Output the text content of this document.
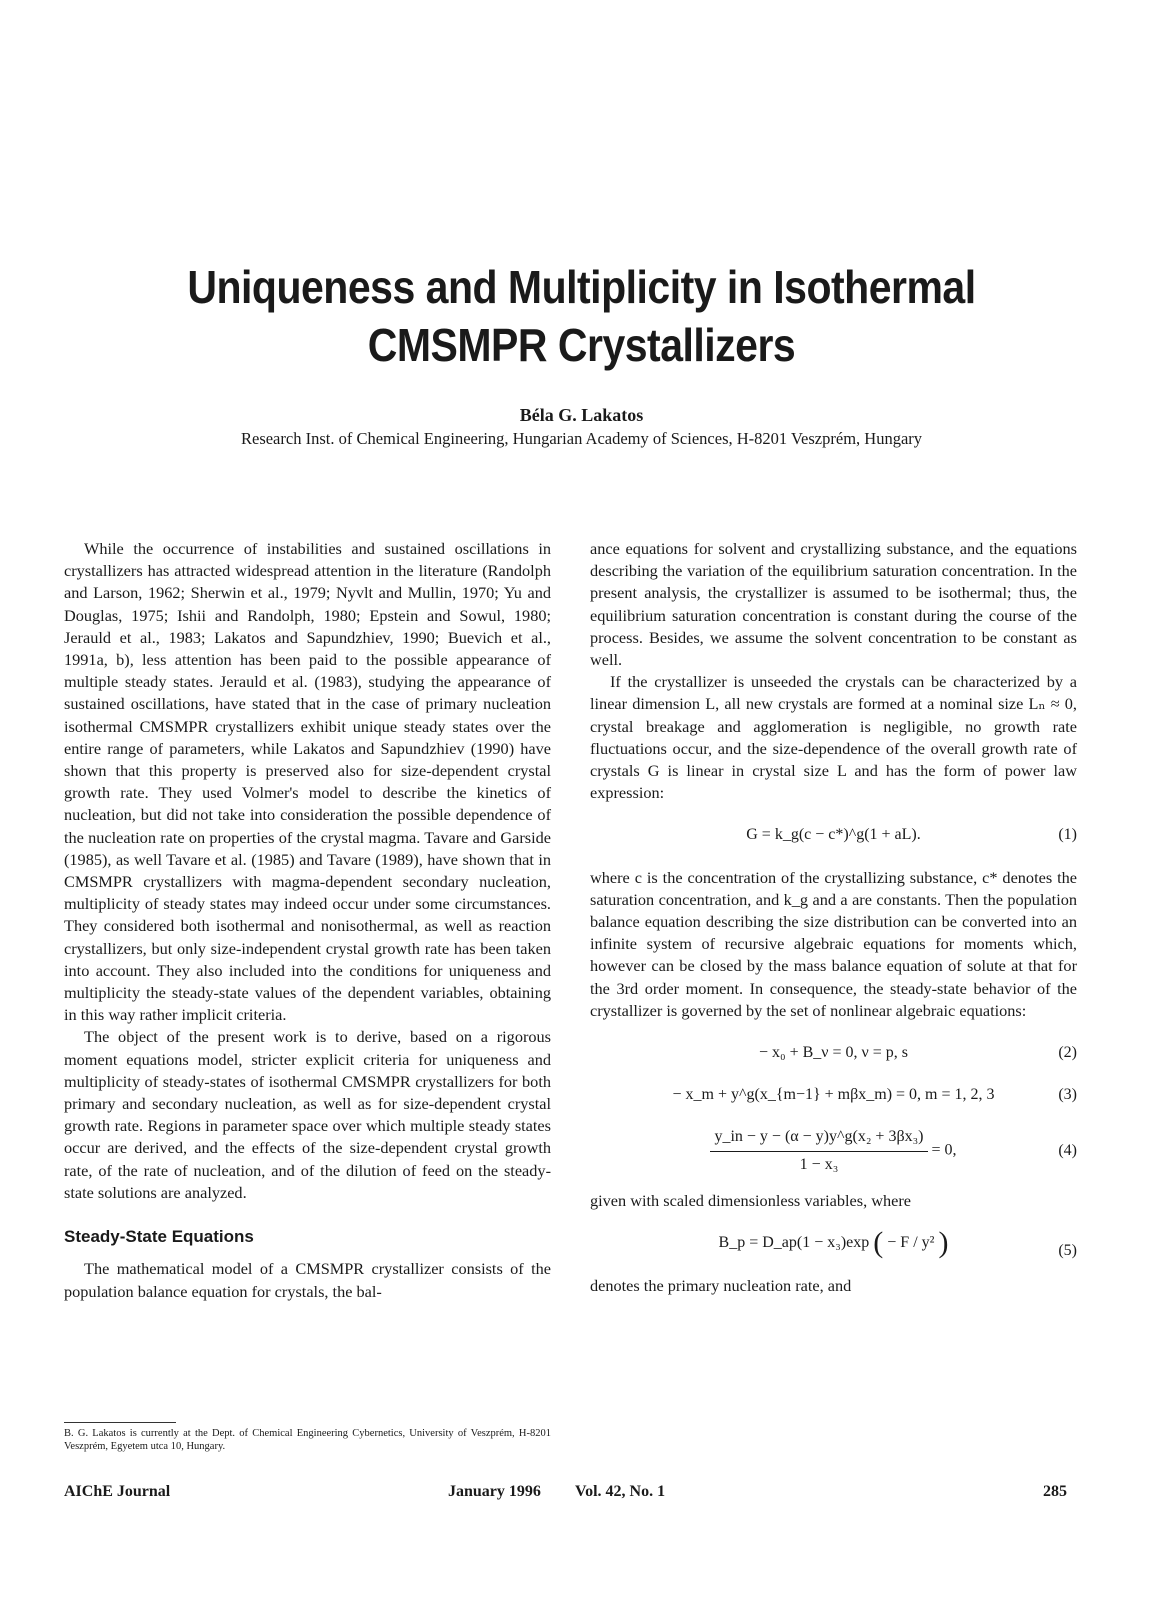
Uniqueness and Multiplicity in Isothermal
CMSMPR Crystallizers

Béla G. Lakatos

Research Inst. of Chemical Engineering, Hungarian Academy of Sciences, H-8201 Veszprém, Hungary

While the occurrence of instabilities and sustained oscillations in crystallizers has attracted widespread attention in the literature (Randolph and Larson, 1962; Sherwin et al., 1979; Nyvlt and Mullin, 1970; Yu and Douglas, 1975; Ishii and Randolph, 1980; Epstein and Sowul, 1980; Jerauld et al., 1983; Lakatos and Sapundzhiev, 1990; Buevich et al., 1991a, b), less attention has been paid to the possible appearance of multiple steady states. Jerauld et al. (1983), studying the appearance of sustained oscillations, have stated that in the case of primary nucleation isothermal CMSMPR crystallizers exhibit unique steady states over the entire range of parameters, while Lakatos and Sapundzhiev (1990) have shown that this property is preserved also for size-dependent crystal growth rate. They used Volmer's model to describe the kinetics of nucleation, but did not take into consideration the possible dependence of the nucleation rate on properties of the crystal magma. Tavare and Garside (1985), as well Tavare et al. (1985) and Tavare (1989), have shown that in CMSMPR crystallizers with magma-dependent secondary nucleation, multiplicity of steady states may indeed occur under some circumstances. They considered both isothermal and nonisothermal, as well as reaction crystallizers, but only size-independent crystal growth rate has been taken into account. They also included into the conditions for uniqueness and multiplicity the steady-state values of the dependent variables, obtaining in this way rather implicit criteria.

The object of the present work is to derive, based on a rigorous moment equations model, stricter explicit criteria for uniqueness and multiplicity of steady-states of isothermal CMSMPR crystallizers for both primary and secondary nucleation, as well as for size-dependent crystal growth rate. Regions in parameter space over which multiple steady states occur are derived, and the effects of the size-dependent crystal growth rate, of the rate of nucleation, and of the dilution of feed on the steady-state solutions are analyzed.

Steady-State Equations

The mathematical model of a CMSMPR crystallizer consists of the population balance equation for crystals, the bal-

B. G. Lakatos is currently at the Dept. of Chemical Engineering Cybernetics, University of Veszprém, H-8201 Veszprém, Egyetem utca 10, Hungary.

ance equations for solvent and crystallizing substance, and the equations describing the variation of the equilibrium saturation concentration. In the present analysis, the crystallizer is assumed to be isothermal; thus, the equilibrium saturation concentration is constant during the course of the process. Besides, we assume the solvent concentration to be constant as well.

If the crystallizer is unseeded the crystals can be characterized by a linear dimension L, all new crystals are formed at a nominal size Lₙ ≈ 0, crystal breakage and agglomeration is negligible, no growth rate fluctuations occur, and the size-dependence of the overall growth rate of crystals G is linear in crystal size L and has the form of power law expression:

G = k_g(c − c*)^g(1 + aL).	(1)

where c is the concentration of the crystallizing substance, c* denotes the saturation concentration, and k_g and a are constants. Then the population balance equation describing the size distribution can be converted into an infinite system of recursive algebraic equations for moments which, however can be closed by the mass balance equation of solute at that for the 3rd order moment. In consequence, the steady-state behavior of the crystallizer is governed by the set of nonlinear algebraic equations:

− x₀ + B_ν = 0, ν = p, s	(2)
− x_m + y^g(x_{m−1} + mβx_m) = 0, m = 1, 2, 3	(3)
$\frac{\text{y\_in − y − (α − y)y\textasciicircum{}g(x₂ + 3βx₃)}}{\text{1 − x₃}} = 0$,	(4)

given with scaled dimensionless variables, where

B_p = D_ap(1 − x₃)exp ( − F / y² )	(5)

denotes the primary nucleation rate, and

AIChE Journal	January 1996 Vol. 42, No. 1	285
